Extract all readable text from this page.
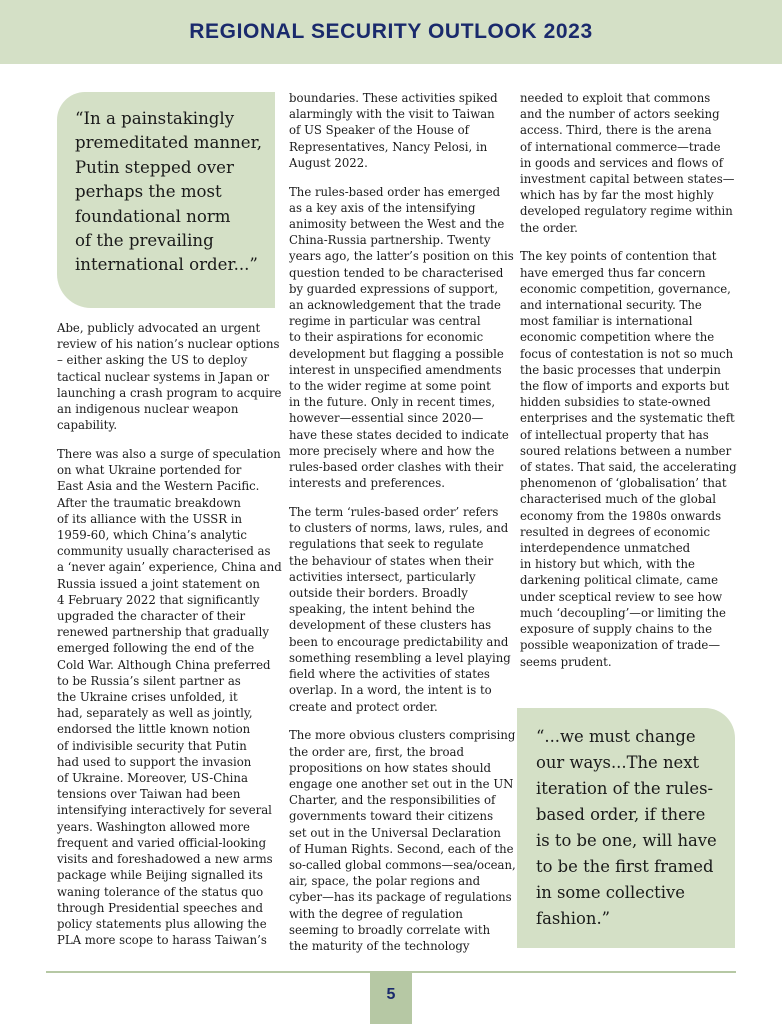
REGIONAL SECURITY OUTLOOK 2023
“In a painstakingly
premeditated manner,
Putin stepped over
perhaps the most
foundational norm
of the prevailing
international order...”

Abe, publicly advocated an urgent
review of his nation’s nuclear options
– either asking the US to deploy
tactical nuclear systems in Japan or
launching a crash program to acquire
an indigenous nuclear weapon
capability.

There was also a surge of speculation
on what Ukraine portended for
East Asia and the Western Pacific.
After the traumatic breakdown
of its alliance with the USSR in
1959-60, which China’s analytic
community usually characterised as
a ‘never again’ experience, China and
Russia issued a joint statement on
4 February 2022 that significantly
upgraded the character of their
renewed partnership that gradually
emerged following the end of the
Cold War. Although China preferred
to be Russia’s silent partner as
the Ukraine crises unfolded, it
had, separately as well as jointly,
endorsed the little known notion
of indivisible security that Putin
had used to support the invasion
of Ukraine. Moreover, US-China
tensions over Taiwan had been
intensifying interactively for several
years. Washington allowed more
frequent and varied official-looking
visits and foreshadowed a new arms
package while Beijing signalled its
waning tolerance of the status quo
through Presidential speeches and
policy statements plus allowing the
PLA more scope to harass Taiwan’s

boundaries. These activities spiked
alarmingly with the visit to Taiwan
of US Speaker of the House of
Representatives, Nancy Pelosi, in
August 2022.

The rules-based order has emerged
as a key axis of the intensifying
animosity between the West and the
China-Russia partnership. Twenty
years ago, the latter’s position on this
question tended to be characterised
by guarded expressions of support,
an acknowledgement that the trade
regime in particular was central
to their aspirations for economic
development but flagging a possible
interest in unspecified amendments
to the wider regime at some point
in the future. Only in recent times,
however—essential since 2020—
have these states decided to indicate
more precisely where and how the
rules-based order clashes with their
interests and preferences.

The term ‘rules-based order’ refers
to clusters of norms, laws, rules, and
regulations that seek to regulate
the behaviour of states when their
activities intersect, particularly
outside their borders. Broadly
speaking, the intent behind the
development of these clusters has
been to encourage predictability and
something resembling a level playing
field where the activities of states
overlap. In a word, the intent is to
create and protect order.

The more obvious clusters comprising
the order are, first, the broad
propositions on how states should
engage one another set out in the UN
Charter, and the responsibilities of
governments toward their citizens
set out in the Universal Declaration
of Human Rights. Second, each of the
so-called global commons—sea/ocean,
air, space, the polar regions and
cyber—has its package of regulations
with the degree of regulation
seeming to broadly correlate with
the maturity of the technology

needed to exploit that commons
and the number of actors seeking
access. Third, there is the arena
of international commerce—trade
in goods and services and flows of
investment capital between states—
which has by far the most highly
developed regulatory regime within
the order.

The key points of contention that
have emerged thus far concern
economic competition, governance,
and international security. The
most familiar is international
economic competition where the
focus of contestation is not so much
the basic processes that underpin
the flow of imports and exports but
hidden subsidies to state-owned
enterprises and the systematic theft
of intellectual property that has
soured relations between a number
of states. That said, the accelerating
phenomenon of ‘globalisation’ that
characterised much of the global
economy from the 1980s onwards
resulted in degrees of economic
interdependence unmatched
in history but which, with the
darkening political climate, came
under sceptical review to see how
much ‘decoupling’—or limiting the
exposure of supply chains to the
possible weaponization of trade—
seems prudent.

“...we must change
our ways...The next
iteration of the rules-
based order, if there
is to be one, will have
to be the first framed
in some collective
fashion.”
5
